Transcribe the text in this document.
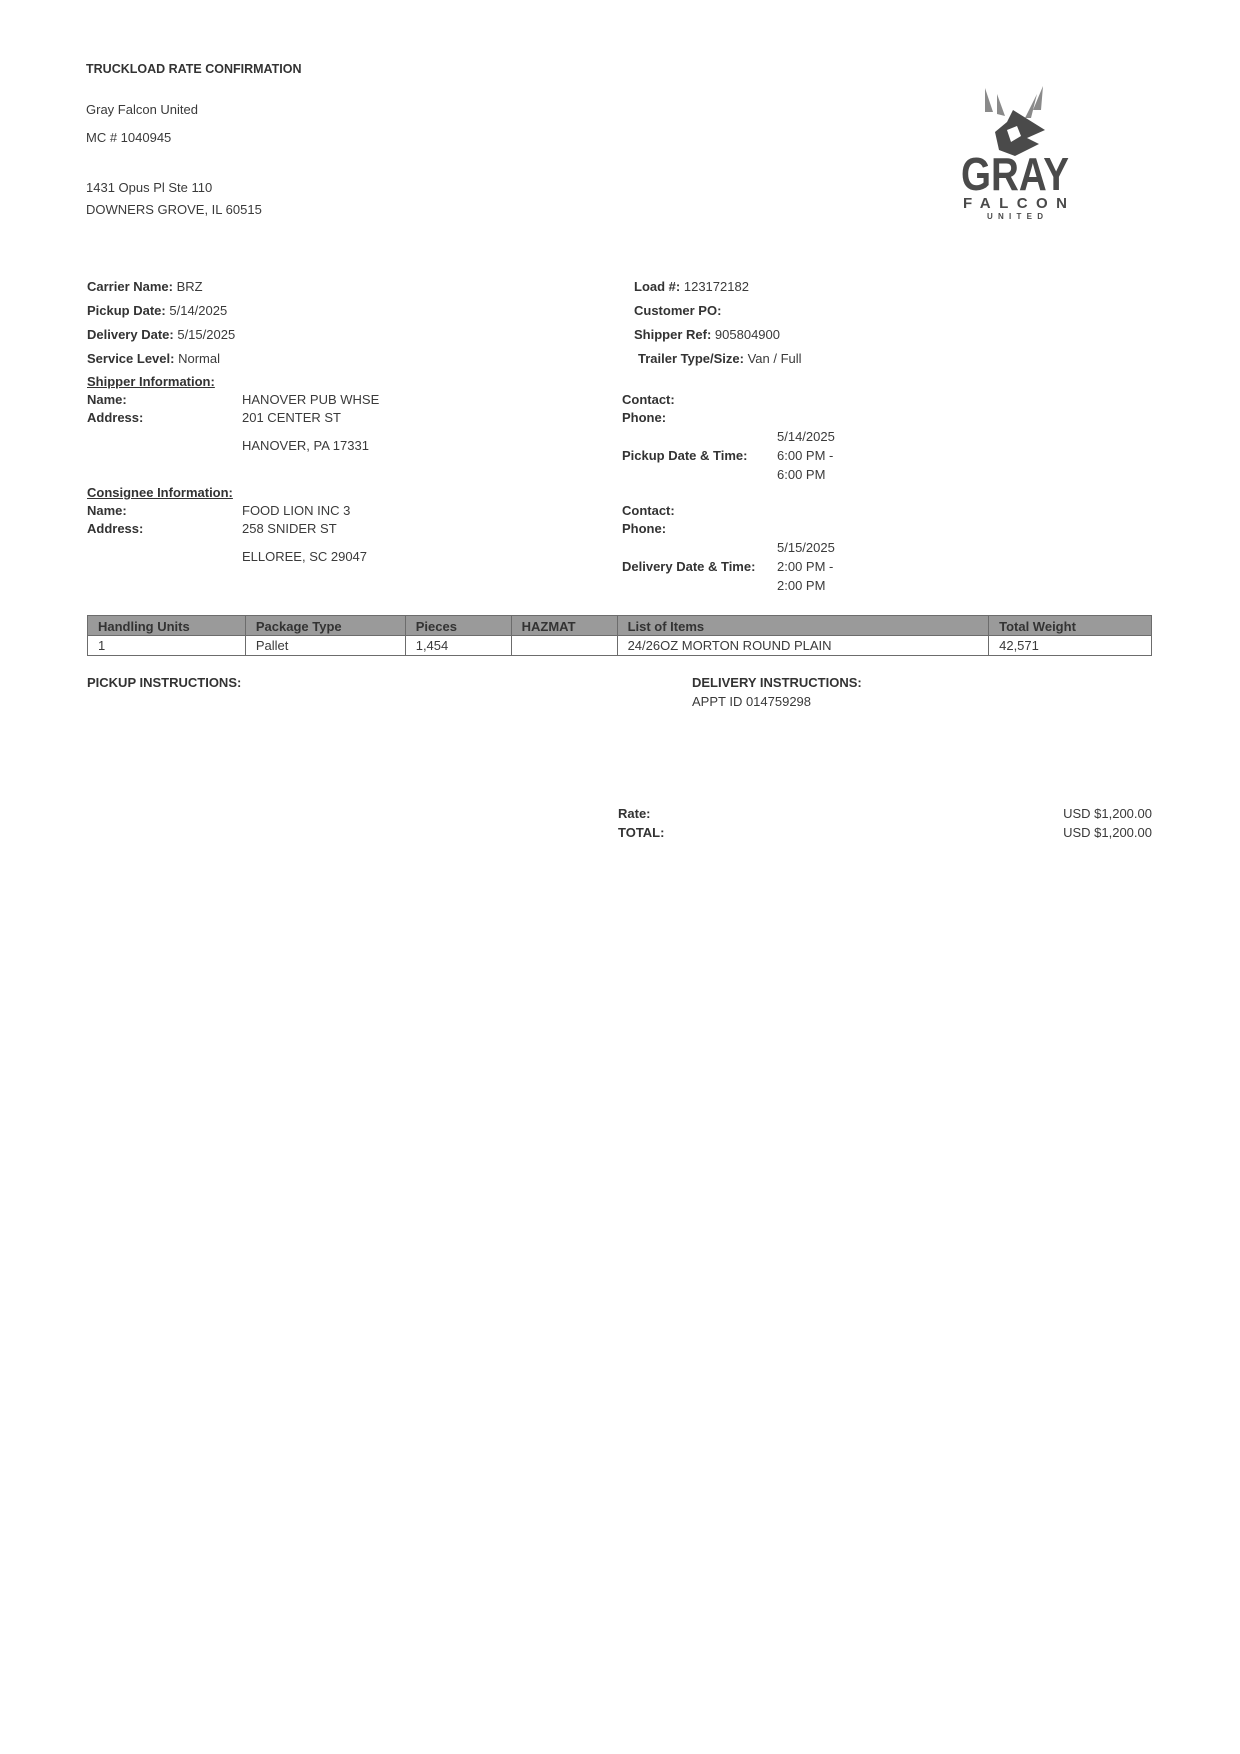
TRUCKLOAD RATE CONFIRMATION
Gray Falcon United
MC # 1040945
1431 Opus Pl Ste 110
DOWNERS GROVE, IL 60515
GRAY
FALCON
UNITED
Carrier Name: BRZ
Pickup Date: 5/14/2025
Delivery Date: 5/15/2025
Service Level: Normal
Load #: 123172182
Customer PO:
Shipper Ref: 905804900
Trailer Type/Size: Van / Full
Shipper Information:
Name:	HANOVER PUB WHSE
Address:	201 CENTER ST
HANOVER, PA 17331
Contact:
Phone:
5/14/2025
Pickup Date & Time: 6:00 PM -
6:00 PM
Consignee Information:
Name:	FOOD LION INC 3
Address:	258 SNIDER ST
ELLOREE, SC 29047
Contact:
Phone:
5/15/2025
Delivery Date & Time: 2:00 PM -
2:00 PM
Handling Units	Package Type	Pieces	HAZMAT	List of Items	Total Weight
1	Pallet	1,454		24/26OZ MORTON ROUND PLAIN	42,571
PICKUP INSTRUCTIONS:	DELIVERY INSTRUCTIONS:
APPT ID 014759298
Rate:	USD $1,200.00
TOTAL:	USD $1,200.00
